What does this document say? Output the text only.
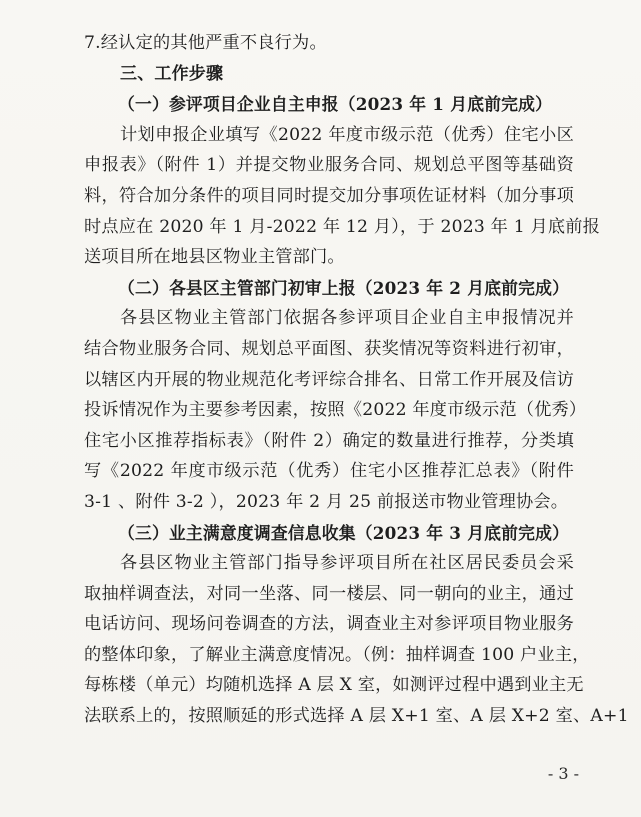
7.经认定的其他严重不良行为。
三、工作步骤
（一）参评项目企业自主申报（2023 年 1 月底前完成）
计划申报企业填写《2022 年度市级示范（优秀）住宅小区
申报表》（附件 1）并提交物业服务合同、规划总平图等基础资
料，符合加分条件的项目同时提交加分事项佐证材料（加分事项
时点应在 2020 年 1 月-2022 年 12 月），于 2023 年 1 月底前报
送项目所在地县区物业主管部门。
（二）各县区主管部门初审上报（2023 年 2 月底前完成）
各县区物业主管部门依据各参评项目企业自主申报情况并
结合物业服务合同、规划总平面图、获奖情况等资料进行初审，
以辖区内开展的物业规范化考评综合排名、日常工作开展及信访
投诉情况作为主要参考因素，按照《2022 年度市级示范（优秀）
住宅小区推荐指标表》（附件 2）确定的数量进行推荐，分类填
写《2022 年度市级示范（优秀）住宅小区推荐汇总表》（附件
3-1 、附件 3-2 ），2023 年 2 月 25 前报送市物业管理协会。
（三）业主满意度调查信息收集（2023 年 3 月底前完成）
各县区物业主管部门指导参评项目所在社区居民委员会采
取抽样调查法，对同一坐落、同一楼层、同一朝向的业主，通过
电话访问、现场问卷调查的方法，调查业主对参评项目物业服务
的整体印象，了解业主满意度情况。（例：抽样调查 100 户业主，
每栋楼（单元）均随机选择 A 层 X 室，如测评过程中遇到业主无
法联系上的，按照顺延的形式选择 A 层 X+1 室、A 层 X+2 室、A+1
- 3 -
